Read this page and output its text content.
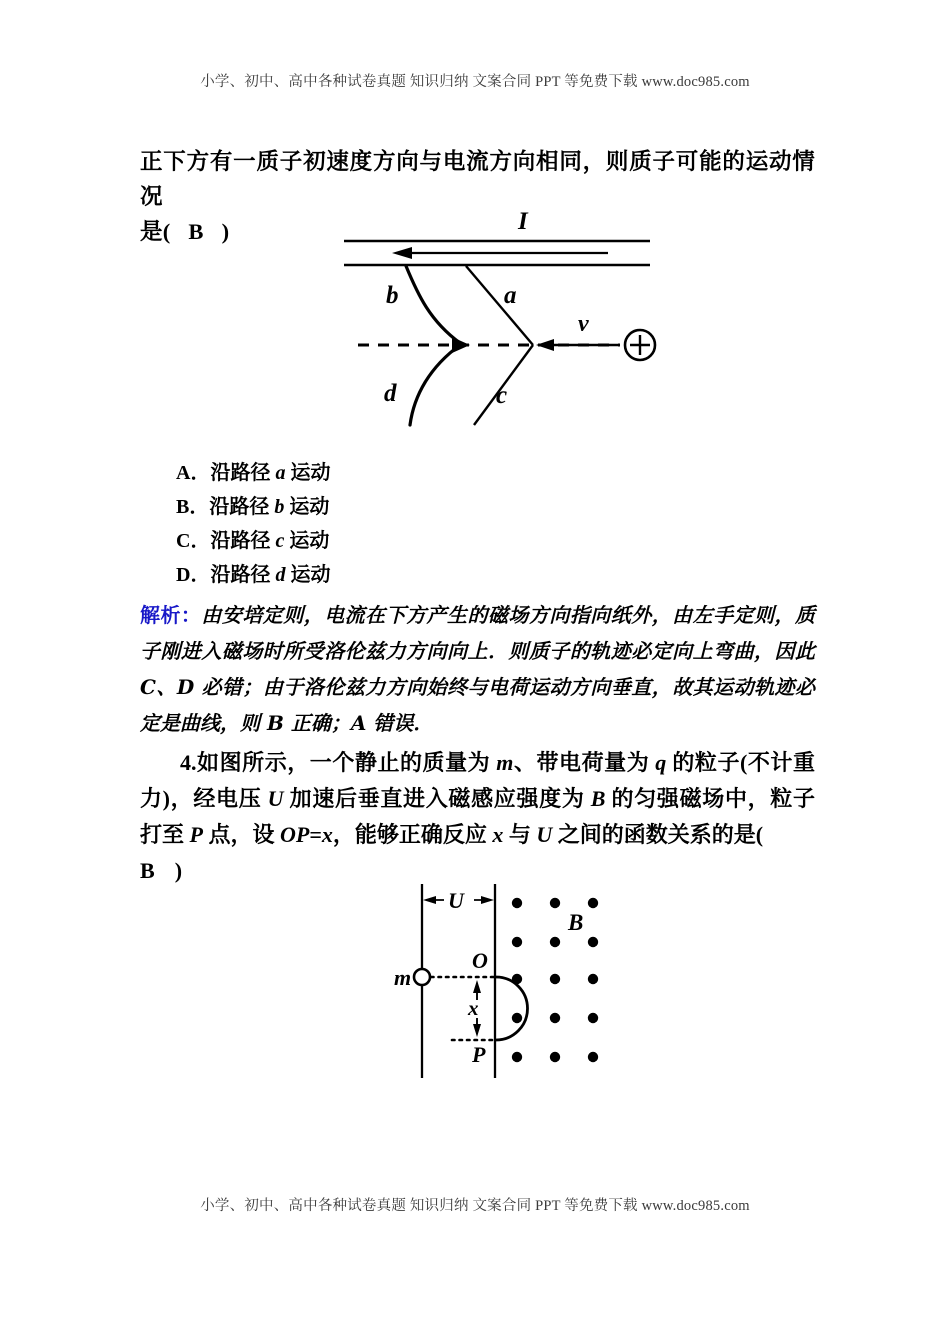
小学、初中、高中各种试卷真题 知识归纳 文案合同 PPT 等免费下载 www.doc985.com
正下方有一质子初速度方向与电流方向相同，则质子可能的运动情况
是( B )	I
v
b	a
d	c
A．沿路径 a 运动
B．沿路径 b 运动
C．沿路径 c 运动
D．沿路径 d 运动
解析：由安培定则，电流在下方产生的磁场方向指向纸外，由左手定则，质子刚进入磁场时所受洛伦兹力方向向上．则质子的轨迹必定向上弯曲，因此 C、D 必错；由于洛伦兹力方向始终与电荷运动方向垂直，故其运动轨迹必定是曲线，则 B 正确；A 错误．
4.如图所示，一个静止的质量为 m、带电荷量为 q 的粒子(不计重力)，经电压 U 加速后垂直进入磁感应强度为 B 的匀强磁场中，粒子打至 P 点，设 OP=x，能够正确反应 x 与 U 之间的函数关系的是(
B )
U
m
O
P
x
B
小学、初中、高中各种试卷真题 知识归纳 文案合同 PPT 等免费下载 www.doc985.com
